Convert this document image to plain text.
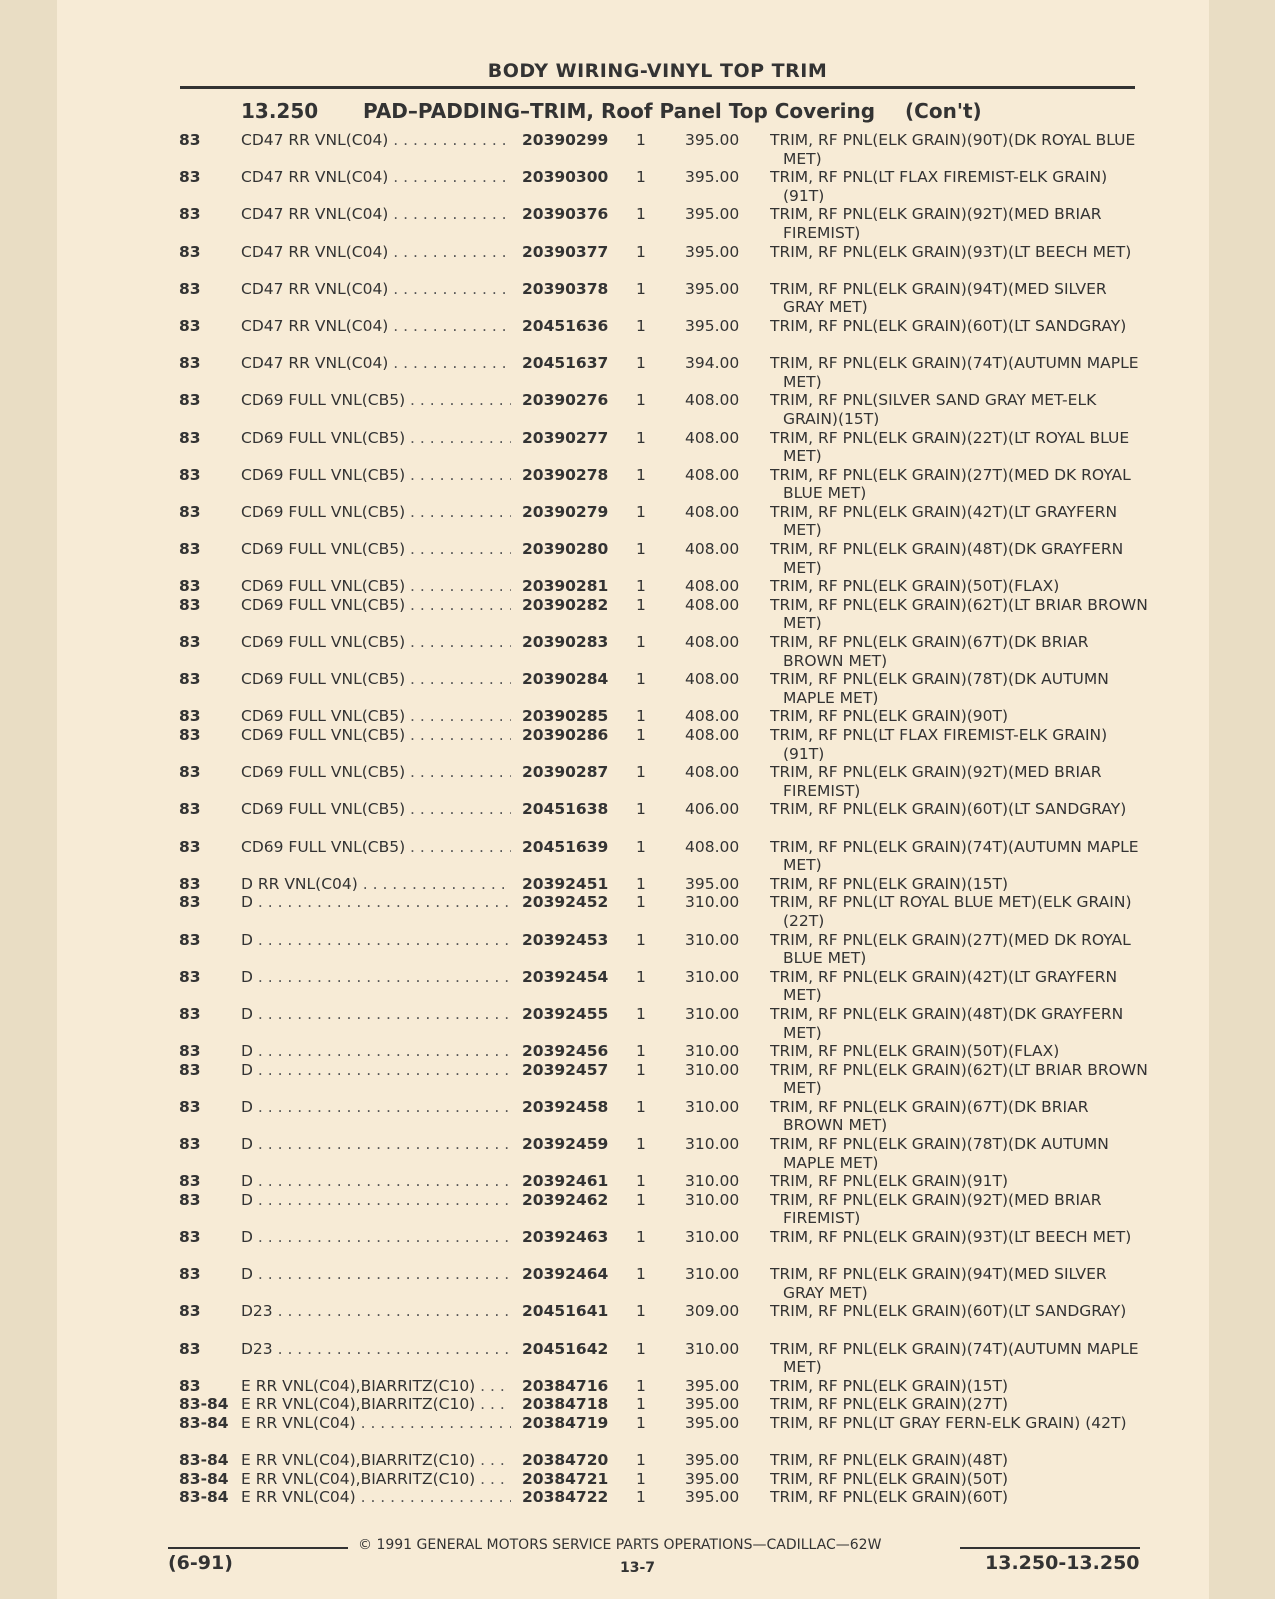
BODY WIRING-VINYL TOP TRIM
13.250 PAD–PADDING–TRIM, Roof Panel Top Covering (Con't)
83	CD47 RR VNL(C04) . . .	20390299	1	395.00 TRIM, RF PNL(ELK GRAIN)(90T)(DK ROYAL BLUE MET)
83	CD47 RR VNL(C04) . . .	20390300	1	395.00 TRIM, RF PNL(LT FLAX FIREMIST-ELK GRAIN)(91T)
83	CD47 RR VNL(C04) . . .	20390376	1	395.00 TRIM, RF PNL(ELK GRAIN)(92T)(MED BRIAR FIREMIST)
83	CD47 RR VNL(C04) . . .	20390377	1	395.00 TRIM, RF PNL(ELK GRAIN)(93T)(LT BEECH MET)
83	CD47 RR VNL(C04) . . .	20390378	1	395.00 TRIM, RF PNL(ELK GRAIN)(94T)(MED SILVER GRAY MET)
83	CD47 RR VNL(C04) . . .	20451636	1	395.00 TRIM, RF PNL(ELK GRAIN)(60T)(LT SANDGRAY)
83	CD47 RR VNL(C04) . . .	20451637	1	394.00 TRIM, RF PNL(ELK GRAIN)(74T)(AUTUMN MAPLE MET)
83	CD69 FULL VNL(CB5) . . .	20390276	1	408.00 TRIM, RF PNL(SILVER SAND GRAY MET-ELK GRAIN)(15T)
83	CD69 FULL VNL(CB5) . . .	20390277	1	408.00 TRIM, RF PNL(ELK GRAIN)(22T)(LT ROYAL BLUE MET)
83	CD69 FULL VNL(CB5) . . .	20390278	1	408.00 TRIM, RF PNL(ELK GRAIN)(27T)(MED DK ROYAL BLUE MET)
83	CD69 FULL VNL(CB5) . . .	20390279	1	408.00 TRIM, RF PNL(ELK GRAIN)(42T)(LT GRAYFERN MET)
83	CD69 FULL VNL(CB5) . . .	20390280	1	408.00 TRIM, RF PNL(ELK GRAIN)(48T)(DK GRAYFERN MET)
83	CD69 FULL VNL(CB5) . . .	20390281	1	408.00 TRIM, RF PNL(ELK GRAIN)(50T)(FLAX)
83	CD69 FULL VNL(CB5) . . .	20390282	1	408.00 TRIM, RF PNL(ELK GRAIN)(62T)(LT BRIAR BROWN MET)
83	CD69 FULL VNL(CB5) . . .	20390283	1	408.00 TRIM, RF PNL(ELK GRAIN)(67T)(DK BRIAR BROWN MET)
83	CD69 FULL VNL(CB5) . . .	20390284	1	408.00 TRIM, RF PNL(ELK GRAIN)(78T)(DK AUTUMN MAPLE MET)
83	CD69 FULL VNL(CB5) . . .	20390285	1	408.00 TRIM, RF PNL(ELK GRAIN)(90T)
83	CD69 FULL VNL(CB5) . . .	20390286	1	408.00 TRIM, RF PNL(LT FLAX FIREMIST-ELK GRAIN)(91T)
83	CD69 FULL VNL(CB5) . . .	20390287	1	408.00 TRIM, RF PNL(ELK GRAIN)(92T)(MED BRIAR FIREMIST)
83	CD69 FULL VNL(CB5) . . .	20451638	1	406.00 TRIM, RF PNL(ELK GRAIN)(60T)(LT SANDGRAY)
83	CD69 FULL VNL(CB5) . . .	20451639	1	408.00 TRIM, RF PNL(ELK GRAIN)(74T)(AUTUMN MAPLE MET)
83	D RR VNL(C04) . . .	20392451	1	395.00 TRIM, RF PNL(ELK GRAIN)(15T)
83	D . . .	20392452	1	310.00 TRIM, RF PNL(LT ROYAL BLUE MET)(ELK GRAIN)(22T)
83	D . . .	20392453	1	310.00 TRIM, RF PNL(ELK GRAIN)(27T)(MED DK ROYAL BLUE MET)
83	D . . .	20392454	1	310.00 TRIM, RF PNL(ELK GRAIN)(42T)(LT GRAYFERN MET)
83	D . . .	20392455	1	310.00 TRIM, RF PNL(ELK GRAIN)(48T)(DK GRAYFERN MET)
83	D . . .	20392456	1	310.00 TRIM, RF PNL(ELK GRAIN)(50T)(FLAX)
83	D . . .	20392457	1	310.00 TRIM, RF PNL(ELK GRAIN)(62T)(LT BRIAR BROWN MET)
83	D . . .	20392458	1	310.00 TRIM, RF PNL(ELK GRAIN)(67T)(DK BRIAR BROWN MET)
83	D . . .	20392459	1	310.00 TRIM, RF PNL(ELK GRAIN)(78T)(DK AUTUMN MAPLE MET)
83	D . . .	20392461	1	310.00 TRIM, RF PNL(ELK GRAIN)(91T)
83	D . . .	20392462	1	310.00 TRIM, RF PNL(ELK GRAIN)(92T)(MED BRIAR FIREMIST)
83	D . . .	20392463	1	310.00 TRIM, RF PNL(ELK GRAIN)(93T)(LT BEECH MET)
83	D . . .	20392464	1	310.00 TRIM, RF PNL(ELK GRAIN)(94T)(MED SILVER GRAY MET)
83	D23 . . .	20451641	1	309.00 TRIM, RF PNL(ELK GRAIN)(60T)(LT SANDGRAY)
83	D23 . . .	20451642	1	310.00 TRIM, RF PNL(ELK GRAIN)(74T)(AUTUMN MAPLE MET)
83	E RR VNL(C04),BIARRITZ(C10) . . .	20384716	1	395.00 TRIM, RF PNL(ELK GRAIN)(15T)
83-84 E RR VNL(C04),BIARRITZ(C10) . . .	20384718	1	395.00 TRIM, RF PNL(ELK GRAIN)(27T)
83-84 E RR VNL(C04) . . .	20384719	1	395.00 TRIM, RF PNL(LT GRAY FERN-ELK GRAIN) (42T)
83-84 E RR VNL(C04),BIARRITZ(C10) . . .	20384720	1	395.00 TRIM, RF PNL(ELK GRAIN)(48T)
83-84 E RR VNL(C04),BIARRITZ(C10) . . .	20384721	1	395.00 TRIM, RF PNL(ELK GRAIN)(50T)
83-84 E RR VNL(C04) . . .	20384722	1	395.00 TRIM, RF PNL(ELK GRAIN)(60T)
© 1991 GENERAL MOTORS SERVICE PARTS OPERATIONS—CADILLAC—62W
(6-91)	13-7	13.250-13.250
